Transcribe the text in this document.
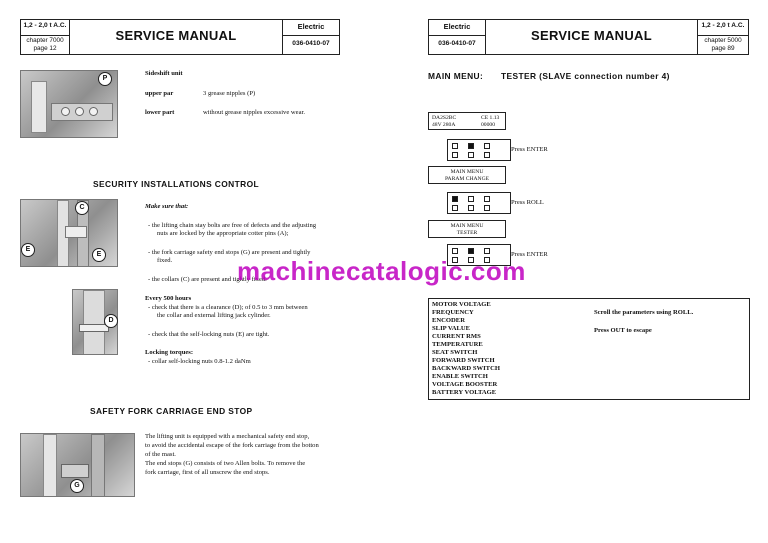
1,2 - 2,0 t A.C.
chapter 7000
page 12
SERVICE MANUAL
Electric
036-0410-07
P
Sideshift unit
upper par	3 grease nipples (P)
lower part	without grease nipples excessive wear.
SECURITY INSTALLATIONS CONTROL
C
E
E
D
Make sure that:
- the lifting chain stay bolts are free of defects and the adjusting
nuts are locked by the appropriate cotter pins (A);
- the fork carriage safety end stops (G) are present and tightly
fixed.
- the collars (C) are present and tightly fixed.
Every 500 hours
- check that there is a clearance (D); of 0.5 to 3 mm between
the collar and external lifting jack cylinder.
- check that the self-locking nuts (E) are tight.
Locking torques:
- collar self-locking nuts 0.8-1.2 daNm
SAFETY FORK CARRIAGE END STOP
G
The lifting unit is equipped with a mechanical safety end stop,
to avoid the accidental escape of the fork carriage from the botton
of the mast.
The end stops (G) consists of two Allen bolts. To remove the
fork carriage, first of all unscrew the end stops.
Electric
036-0410-07
SERVICE MANUAL
1,2 - 2,0 t A.C.
chapter 5000
page 89
MAIN MENU: TESTER (SLAVE connection number 4)
DA2S2BC	CE 1.13
48V 280A	00000
Press ENTER
MAIN MENU
PARAM CHANGE
Press ROLL
MAIN MENU
TESTER
Press ENTER
MOTOR VOLTAGE
FREQUENCY
ENCODER
SLIP VALUE
CURRENT RMS
TEMPERATURE
SEAT SWITCH
FORWARD SWITCH
BACKWARD SWITCH
ENABLE SWITCH
VOLTAGE BOOSTER
BATTERY VOLTAGE
Scroll the parameters using ROLL.
Press OUT to escape
machinecatalogic.com
